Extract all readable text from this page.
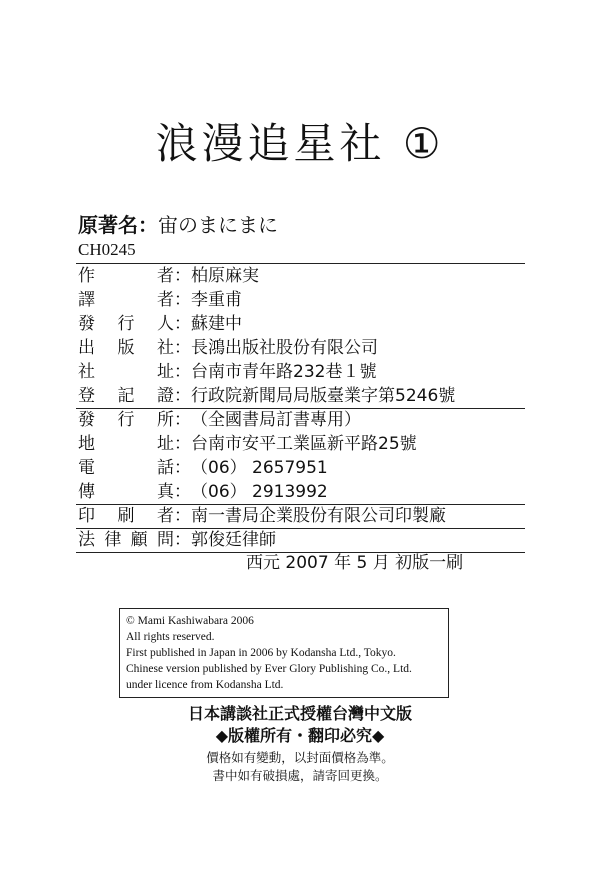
浪漫追星社 ①
原著名：宙のまにまに
CH0245
作者：柏原麻実
譯者：李重甫
發行人：蘇建中
出版社：長鴻出版社股份有限公司
社址：台南市青年路232巷１號
登記證：行政院新聞局局版臺業字第5246號
發行所：（全國書局訂書專用）
地址：台南市安平工業區新平路25號
電話：（06） 2657951
傳真：（06） 2913992
印刷者：南一書局企業股份有限公司印製廠
法律顧問：郭俊廷律師
西元 2007 年 5 月 初版一刷
© Mami Kashiwabara 2006
All rights reserved.
First published in Japan in 2006 by Kodansha Ltd., Tokyo.
Chinese version published by Ever Glory Publishing Co., Ltd.
under licence from Kodansha Ltd.
日本講談社正式授權台灣中文版
◆版權所有・翻印必究◆
價格如有變動，以封面價格為準。
書中如有破損處，請寄回更換。
